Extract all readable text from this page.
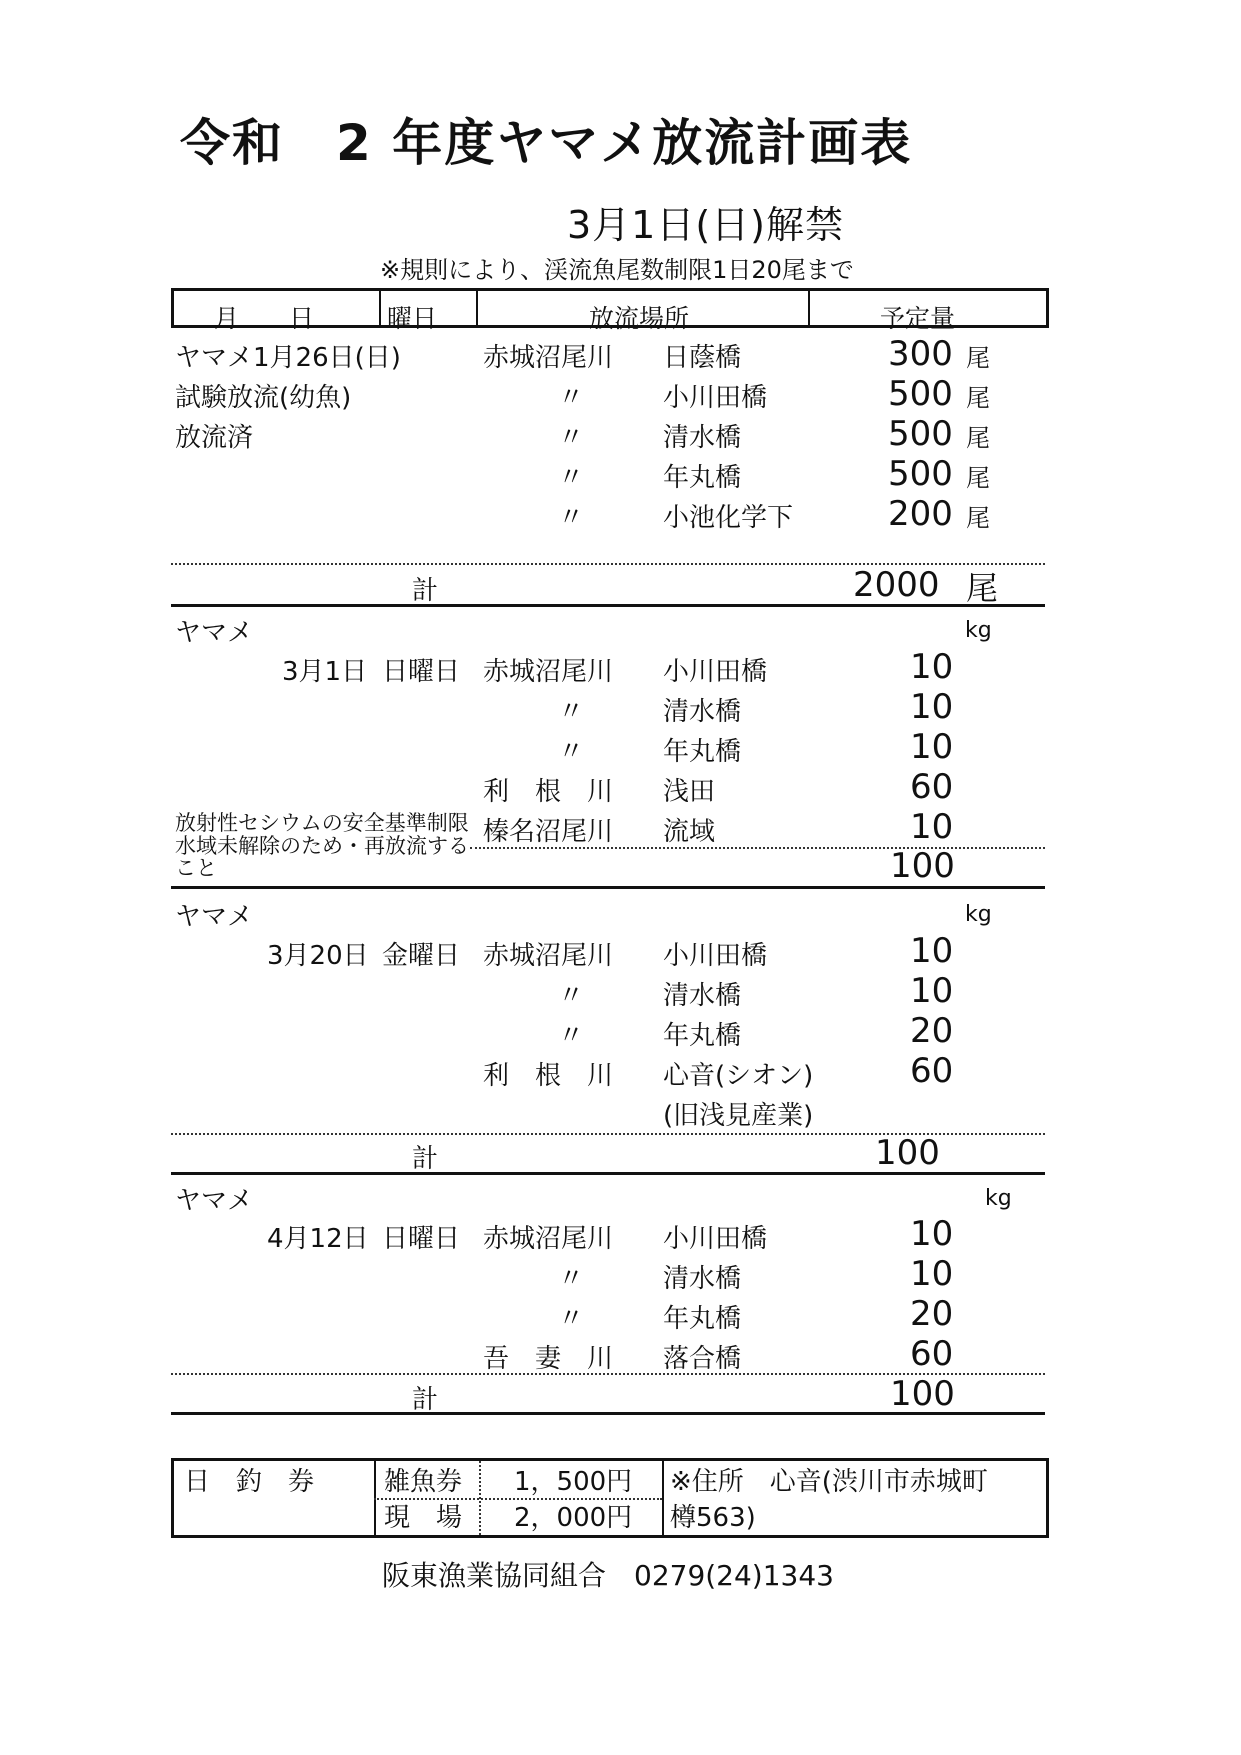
令和　2 年度ヤマメ放流計画表
3月1日(日)解禁
※規則により、渓流魚尾数制限1日20尾まで
月　　日	曜日	放流場所	予定量
ヤマメ1月26日(日)
試験放流(幼魚)
放流済
赤城沼尾川 日蔭橋	300 尾
〃	小川田橋	500 尾
〃	清水橋	500 尾
〃	年丸橋	500 尾
〃	小池化学下	200 尾
計	2000 尾
ヤマメ	kg
3月1日 日曜日 赤城沼尾川 小川田橋	10
〃	清水橋	10
〃	年丸橋	10
利　根　川 浅田	60
放射性セシウムの安全基準制限水域未解除のため・再放流すること
榛名沼尾川 流域	10
100
ヤマメ	kg
3月20日 金曜日 赤城沼尾川 小川田橋	10
〃	清水橋	10
〃	年丸橋	20
利　根　川 心音(シオン)	60
(旧浅見産業)
計	100
ヤマメ	kg
4月12日 日曜日 赤城沼尾川 小川田橋	10
〃	清水橋	10
〃	年丸橋	20
吾　妻　川 落合橋	60
計	100
日　釣　券	雑魚券 1，500円
現　場 2，000円
※住所　心音(渋川市赤城町
樽563)
阪東漁業協同組合　0279(24)1343
